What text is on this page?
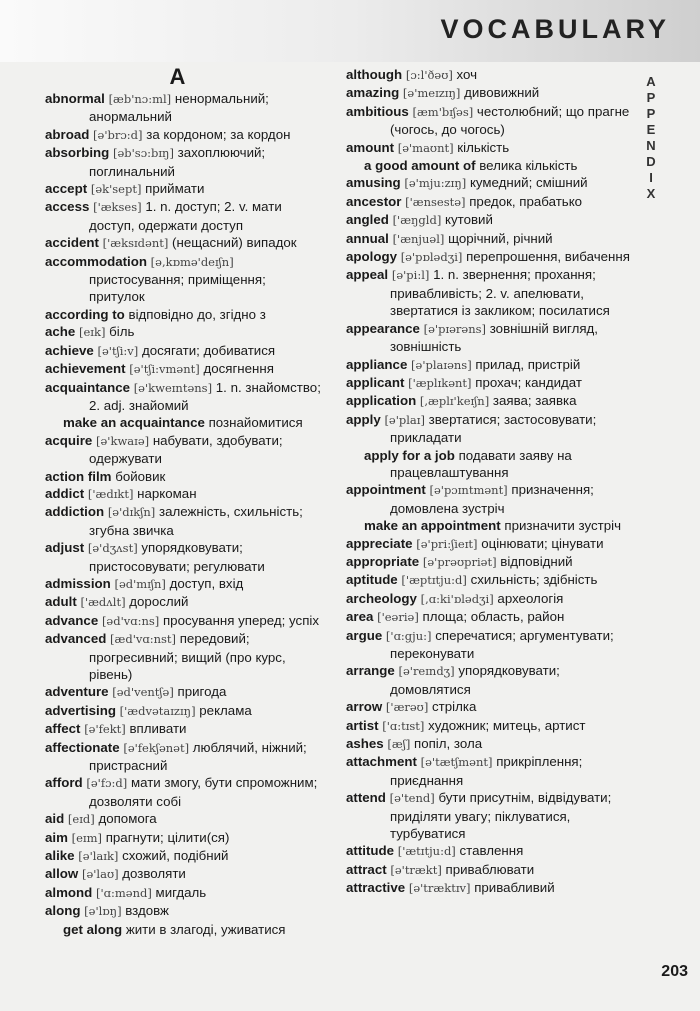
VOCABULARY
A
P
P
E
N
D
I
X
A
abnormal [æb'nɔ:ml] ненормальний; анормальний
abroad [ə'brɔ:d] за кордоном; за кордон
absorbing [əb'sɔ:bɪŋ] захоплюючий; поглинальний
accept [ək'sept] приймати
access ['ækses] 1. n. доступ; 2. v. мати доступ, одержати доступ
accident ['æksɪdənt] (нещасний) випадок
accommodation [ə,kɒmə'deɪʃn] пристосування; приміщення; притулок
according to відповідно до, згідно з
ache [eɪk] біль
achieve [ə'tʃi:v] досягати; добиватися
achievement [ə'tʃi:vmənt] досягнення
acquaintance [ə'kweɪntəns] 1. n. знайомство; 2. adj. знайомий
make an acquaintance познайомитися
acquire [ə'kwaɪə] набувати, здобувати; одержувати
action film бойовик
addict ['ædɪkt] наркоман
addiction [ə'dɪkʃn] залежність, схильність; згубна звичка
adjust [ə'dʒʌst] упорядковувати; пристосовувати; регулювати
admission [əd'mɪʃn] доступ, вхід
adult ['ædʌlt] дорослий
advance [əd'vɑ:ns] просування уперед; успіх
advanced [æd'vɑ:nst] передовий; прогресивний; вищий (про курс, рівень)
adventure [əd'ventʃə] пригода
advertising ['ædvətaɪzɪŋ] реклама
affect [ə'fekt] впливати
affectionate [ə'fekʃənət] люблячий, ніжний; пристрасний
afford [ə'fɔ:d] мати змогу, бути спроможним; дозволяти собі
aid [eɪd] допомога
aim [eɪm] прагнути; цілити(ся)
alike [ə'laɪk] схожий, подібний
allow [ə'laʊ] дозволяти
almond ['ɑ:mənd] мигдаль
along [ə'lɒŋ] вздовж
get along жити в злагоді, уживатися
although [ɔ:l'ðəʊ] хоч
amazing [ə'meɪzɪŋ] дивовижний
ambitious [æm'bɪʃəs] честолюбний; що прагне (чогось, до чогось)
amount [ə'maʊnt] кількість
a good amount of велика кількість
amusing [ə'mju:zɪŋ] кумедний; смішний
ancestor ['ænsestə] предок, прабатько
angled ['æŋgld] кутовий
annual ['ænjuəl] щорічний, річний
apology [ə'pɒlədʒi] перепрошення, вибачення
appeal [ə'pi:l] 1. n. звернення; прохання; привабливість; 2. v. апелювати, звертатися із закликом; посилатися
appearance [ə'pɪərəns] зовнішній вигляд, зовнішність
appliance [ə'plaɪəns] прилад, пристрій
applicant ['æplɪkənt] прохач; кандидат
application [,æplɪ'keɪʃn] заява; заявка
apply [ə'plaɪ] звертатися; застосовувати; прикладати
apply for a job подавати заяву на працевлаштування
appointment [ə'pɔɪntmənt] призначення; домовлена зустріч
make an appointment призначити зустріч
appreciate [ə'pri:ʃieɪt] оцінювати; цінувати
appropriate [ə'prəʊpriət] відповідний
aptitude ['æptɪtju:d] схильність; здібність
archeology [,ɑ:ki'ɒlədʒi] археологія
area ['eəriə] площа; область, район
argue ['ɑ:gju:] сперечатися; аргументувати; переконувати
arrange [ə'reɪndʒ] упорядковувати; домовлятися
arrow ['ærəʊ] стрілка
artist ['ɑ:tɪst] художник; митець, артист
ashes [æʃ] попіл, зола
attachment [ə'tætʃmənt] прикріплення; приєднання
attend [ə'tend] бути присутнім, відвідувати; приділяти увагу; піклуватися, турбуватися
attitude ['ætɪtju:d] ставлення
attract [ə'trækt] приваблювати
attractive [ə'træktɪv] привабливий
203
